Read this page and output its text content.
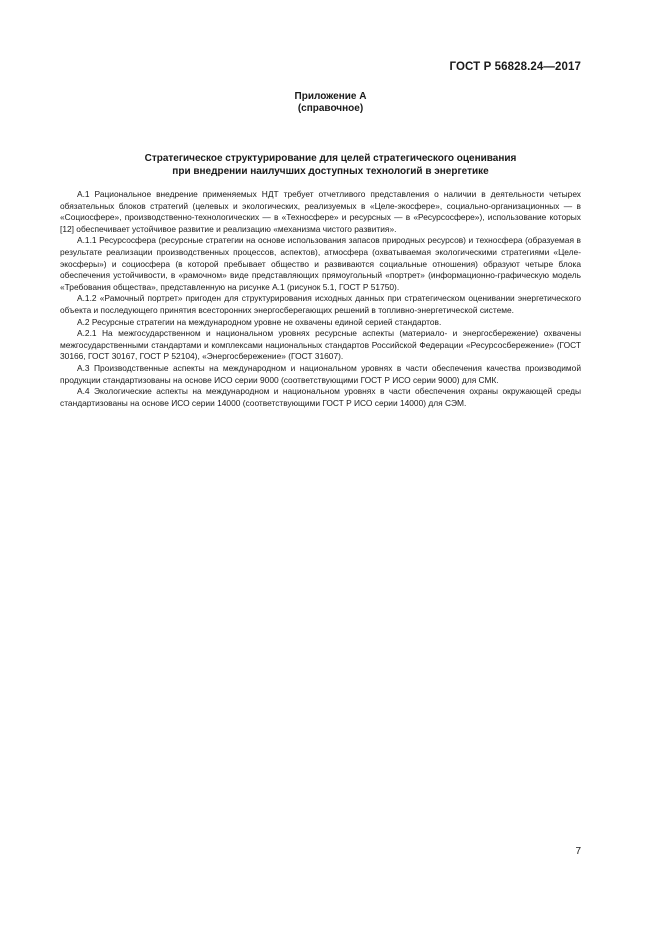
ГОСТ Р 56828.24—2017
Приложение А
(справочное)
Стратегическое структурирование для целей стратегического оценивания
при внедрении наилучших доступных технологий в энергетике

А.1 Рациональное внедрение применяемых НДТ требует отчетливого представления о наличии в деятельности четырех обязательных блоков стратегий (целевых и экологических, реализуемых в «Целе-экосфере», социально-организационных — в «Социосфере», производственно-технологических — в «Техносфере» и ресурсных — в «Ресурсосфере»), использование которых [12] обеспечивает устойчивое развитие и реализацию «механизма чистого развития».

А.1.1 Ресурсосфера (ресурсные стратегии на основе использования запасов природных ресурсов) и техносфера (образуемая в результате реализации производственных процессов, аспектов), атмосфера (охватываемая экологическими стратегиями «Целе-экосферы») и социосфера (в которой пребывает общество и развиваются социальные отношения) образуют четыре блока обеспечения устойчивости, в «рамочном» виде представляющих прямоугольный «портрет» (информационно-графическую модель «Требования общества», представленную на рисунке А.1 (рисунок 5.1, ГОСТ Р 51750).

А.1.2 «Рамочный портрет» пригоден для структурирования исходных данных при стратегическом оценивании энергетического объекта и последующего принятия всесторонних энергосберегающих решений в топливно-энергетической системе.

А.2 Ресурсные стратегии на международном уровне не охвачены единой серией стандартов.

А.2.1 На межгосударственном и национальном уровнях ресурсные аспекты (материало- и энергосбережение) охвачены межгосударственными стандартами и комплексами национальных стандартов Российской Федерации «Ресурсосбережение» (ГОСТ 30166, ГОСТ 30167, ГОСТ Р 52104), «Энергосбережение» (ГОСТ 31607).

А.3 Производственные аспекты на международном и национальном уровнях в части обеспечения качества производимой продукции стандартизованы на основе ИСО серии 9000 (соответствующими ГОСТ Р ИСО серии 9000) для СМК.

А.4 Экологические аспекты на международном и национальном уровнях в части обеспечения охраны окружающей среды стандартизованы на основе ИСО серии 14000 (соответствующими ГОСТ Р ИСО серии 14000) для СЭМ.

7
